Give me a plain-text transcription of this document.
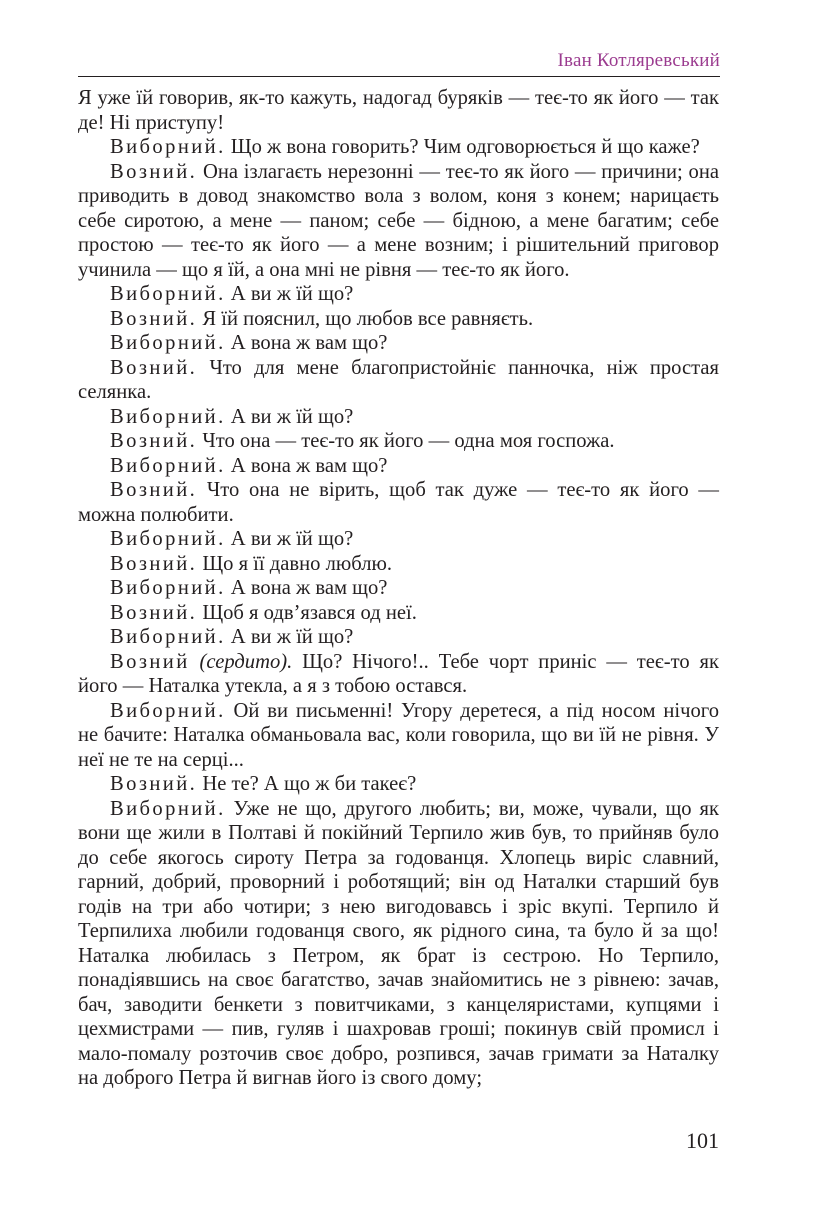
Іван Котляревський

Я уже їй говорив, як-то кажуть, надогад буряків — теє-то як його — так де! Ні приступу!

Виборний. Що ж вона говорить? Чим одговорюється й що каже?

Возний. Она ізлагаєть нерезонні — теє-то як його — причини; она приводить в довод знакомство вола з волом, коня з конем; нарицаєть себе сиротою, а мене — паном; себе — бідною, а мене багатим; себе простою — теє-то як його — а мене возним; і рішительний приговор учинила — що я їй, а она мні не рівня — теє-то як його.

Виборний. А ви ж їй що?

Возний. Я їй пояснил, що любов все равняєть.

Виборний. А вона ж вам що?

Возний. Что для мене благопристойніє панночка, ніж простая селянка.

Виборний. А ви ж їй що?

Возний. Что она — теє-то як його — одна моя госпожа.

Виборний. А вона ж вам що?

Возний. Что она не вірить, щоб так дуже — теє-то як його — можна полюбити.

Виборний. А ви ж їй що?

Возний. Що я її давно люблю.

Виборний. А вона ж вам що?

Возний. Щоб я одв’язався од неї.

Виборний. А ви ж їй що?

Возний (сердито). Що? Нічого!.. Тебе чорт приніс — теє-то як його — Наталка утекла, а я з тобою остався.

Виборний. Ой ви письменні! Угору деретеся, а під носом нічого не бачите: Наталка обманьовала вас, коли говорила, що ви їй не рівня. У неї не те на серці...

Возний. Не те? А що ж би такеє?

Виборний. Уже не що, другого любить; ви, може, чували, що як вони ще жили в Полтаві й покійний Терпило жив був, то прийняв було до себе якогось сироту Петра за годованця. Хлопець виріс славний, гарний, добрий, проворний і роботящий; він од Наталки старший був годів на три або чотири; з нею вигодовавсь і зріс вкупі. Терпило й Терпилиха любили годованця свого, як рідного сина, та було й за що! Наталка любилась з Петром, як брат із сестрою. Но Терпило, понадіявшись на своє багатство, зачав знайомитись не з рівнею: зачав, бач, заводити бенкети з повитчиками, з канцеляристами, купцями і цехмистрами — пив, гуляв і шахровав гроші; покинув свій промисл і мало-помалу розточив своє добро, розпився, зачав гримати за Наталку на доброго Петра й вигнав його із свого дому;

101
